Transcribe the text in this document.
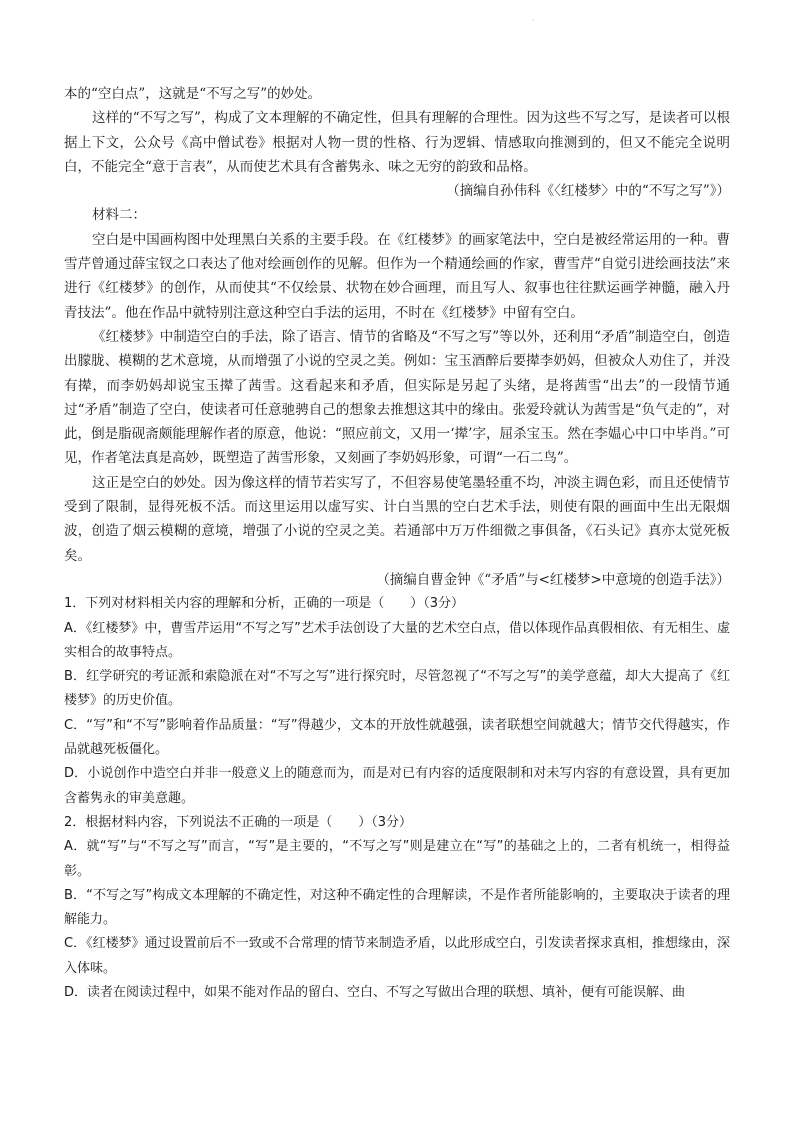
·

本的“空白点”，这就是“不写之写”的妙处。

这样的“不写之写”，构成了文本理解的不确定性，但具有理解的合理性。因为这些不写之写，是读者可以根据上下文，公众号《高中僧试卷》根据对人物一贯的性格、行为逻辑、情感取向推测到的，但又不能完全说明白，不能完全“意于言表”，从而使艺术具有含蓄隽永、味之无穷的韵致和品格。

（摘编自孙伟科《〈红楼梦〉中的“不写之写”》）

材料二：

空白是中国画构图中处理黑白关系的主要手段。在《红楼梦》的画家笔法中，空白是被经常运用的一种。曹雪芹曾通过薛宝钗之口表达了他对绘画创作的见解。但作为一个精通绘画的作家，曹雪芹“自觉引进绘画技法”来进行《红楼梦》的创作，从而使其“不仅绘景、状物在妙合画理，而且写人、叙事也往往默运画学神髓，融入丹青技法”。他在作品中就特别注意这种空白手法的运用，不时在《红楼梦》中留有空白。

《红楼梦》中制造空白的手法，除了语言、情节的省略及“不写之写”等以外，还利用“矛盾”制造空白，创造出朦胧、模糊的艺术意境，从而增强了小说的空灵之美。例如：宝玉酒醉后要撵李奶妈，但被众人劝住了，并没有撵，而李奶妈却说宝玉撵了茜雪。这看起来和矛盾，但实际是另起了头绪，是将茜雪“出去”的一段情节通过“矛盾”制造了空白，使读者可任意驰骋自己的想象去推想这其中的缘由。张爱玲就认为茜雪是“负气走的”，对此，倒是脂砚斋颇能理解作者的原意，他说：“照应前文，又用一‘撵’字，屈杀宝玉。然在李媪心中口中毕肖。”可见，作者笔法真是高妙，既塑造了茜雪形象，又刻画了李奶妈形象，可谓“一石二鸟”。

这正是空白的妙处。因为像这样的情节若实写了，不但容易使笔墨轻重不均，冲淡主调色彩，而且还使情节受到了限制，显得死板不活。而这里运用以虚写实、计白当黑的空白艺术手法，则使有限的画面中生出无限烟波，创造了烟云模糊的意境，增强了小说的空灵之美。若通部中万万件细微之事俱备，《石头记》真亦太觉死板矣。

（摘编自曹金钟《“矛盾”与<红楼梦>中意境的创造手法》）

1．下列对材料相关内容的理解和分析，正确的一项是（　　）（3分）

A．《红楼梦》中，曹雪芹运用“不写之写”艺术手法创设了大量的艺术空白点，借以体现作品真假相依、有无相生、虚实相合的故事特点。

B．红学研究的考证派和索隐派在对“不写之写”进行探究时，尽管忽视了“不写之写”的美学意蕴，却大大提高了《红楼梦》的历史价值。

C．“写”和“不写”影响着作品质量：“写”得越少，文本的开放性就越强，读者联想空间就越大；情节交代得越实，作品就越死板僵化。

D．小说创作中造空白并非一般意义上的随意而为，而是对已有内容的适度限制和对未写内容的有意设置，具有更加含蓄隽永的审美意趣。

2．根据材料内容，下列说法不正确的一项是（　　）（3分）

A．就“写”与“不写之写”而言，“写”是主要的，“不写之写”则是建立在“写”的基础之上的，二者有机统一，相得益彰。

B．“不写之写”构成文本理解的不确定性，对这种不确定性的合理解读，不是作者所能影响的，主要取决于读者的理解能力。

C．《红楼梦》通过设置前后不一致或不合常理的情节来制造矛盾，以此形成空白，引发读者探求真相，推想缘由，深入体味。

D．读者在阅读过程中，如果不能对作品的留白、空白、不写之写做出合理的联想、填补，便有可能误解、曲
